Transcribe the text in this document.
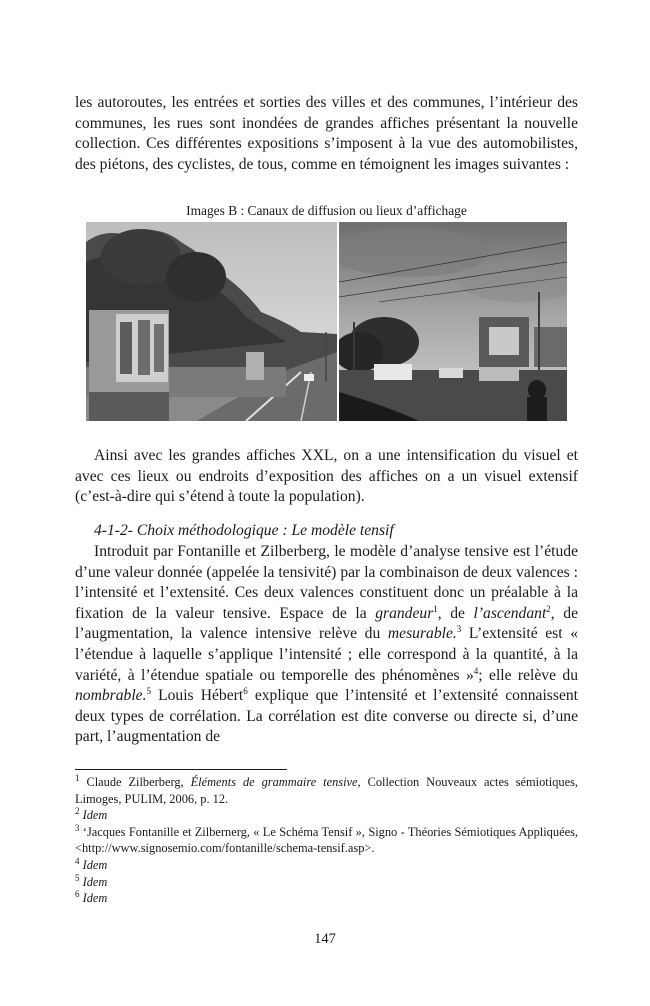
les autoroutes, les entrées et sorties des villes et des communes, l’intérieur des communes, les rues sont inondées de grandes affiches présentant la nouvelle collection. Ces différentes expositions s’imposent à la vue des automobilistes, des piétons, des cyclistes, de tous, comme en témoignent les images suivantes :

Images B : Canaux de diffusion ou lieux d’affichage

Ainsi avec les grandes affiches XXL, on a une intensification du visuel et avec ces lieux ou endroits d’exposition des affiches on a un visuel extensif (c’est-à-dire qui s’étend à toute la population).

4-1-2- Choix méthodologique : Le modèle tensif

Introduit par Fontanille et Zilberberg, le modèle d’analyse tensive est l’étude d’une valeur donnée (appelée la tensivité) par la combinaison de deux valences : l’intensité et l’extensité. Ces deux valences constituent donc un préalable à la fixation de la valeur tensive. Espace de la grandeur$^1$, de l’ascendant$^2$, de l’augmentation, la valence intensive relève du mesurable.$^3$ L’extensité est « l’étendue à laquelle s’applique l’intensité ; elle correspond à la quantité, à la variété, à l’étendue spatiale ou temporelle des phénomènes »$^4$; elle relève du nombrable.$^5$ Louis Hébert$^6$ explique que l’intensité et l’extensité connaissent deux types de corrélation. La corrélation est dite converse ou directe si, d’une part, l’augmentation de

$^1$ Claude Zilberberg, Éléments de grammaire tensive, Collection Nouveaux actes sémiotiques, Limoges, PULIM, 2006, p. 12.
$^2$ Idem
$^3$ ‘Jacques Fontanille et Zilbernerg, « Le Schéma Tensif », Signo - Théories Sémiotiques Appliquées, <http://www.signosemio.com/fontanille/schema-tensif.asp>.
$^4$ Idem
$^5$ Idem
$^6$ Idem
147
